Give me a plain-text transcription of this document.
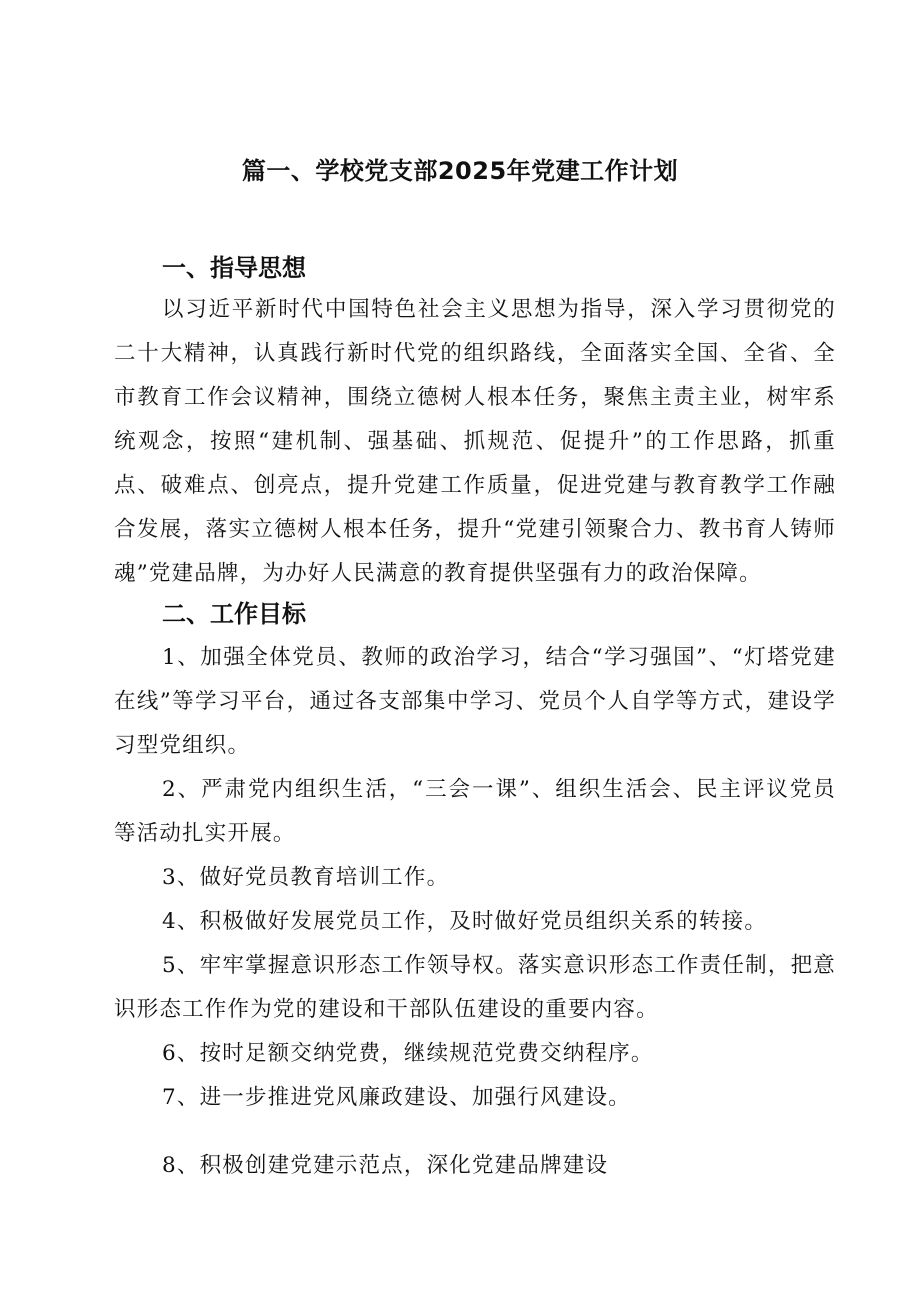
篇一、学校党支部2025年党建工作计划
一、指导思想

以习近平新时代中国特色社会主义思想为指导，深入学习贯彻党的二十大精神，认真践行新时代党的组织路线，全面落实全国、全省、全市教育工作会议精神，围绕立德树人根本任务，聚焦主责主业，树牢系统观念，按照“建机制、强基础、抓规范、促提升”的工作思路，抓重点、破难点、创亮点，提升党建工作质量，促进党建与教育教学工作融合发展，落实立德树人根本任务，提升“党建引领聚合力、教书育人铸师魂”党建品牌，为办好人民满意的教育提供坚强有力的政治保障。

二、工作目标

1、加强全体党员、教师的政治学习，结合“学习强国”、“灯塔党建在线”等学习平台，通过各支部集中学习、党员个人自学等方式，建设学习型党组织。

2、严肃党内组织生活，“三会一课”、组织生活会、民主评议党员等活动扎实开展。

3、做好党员教育培训工作。

4、积极做好发展党员工作，及时做好党员组织关系的转接。

5、牢牢掌握意识形态工作领导权。落实意识形态工作责任制，把意识形态工作作为党的建设和干部队伍建设的重要内容。

6、按时足额交纳党费，继续规范党费交纳程序。

7、进一步推进党风廉政建设、加强行风建设。

8、积极创建党建示范点，深化党建品牌建设
